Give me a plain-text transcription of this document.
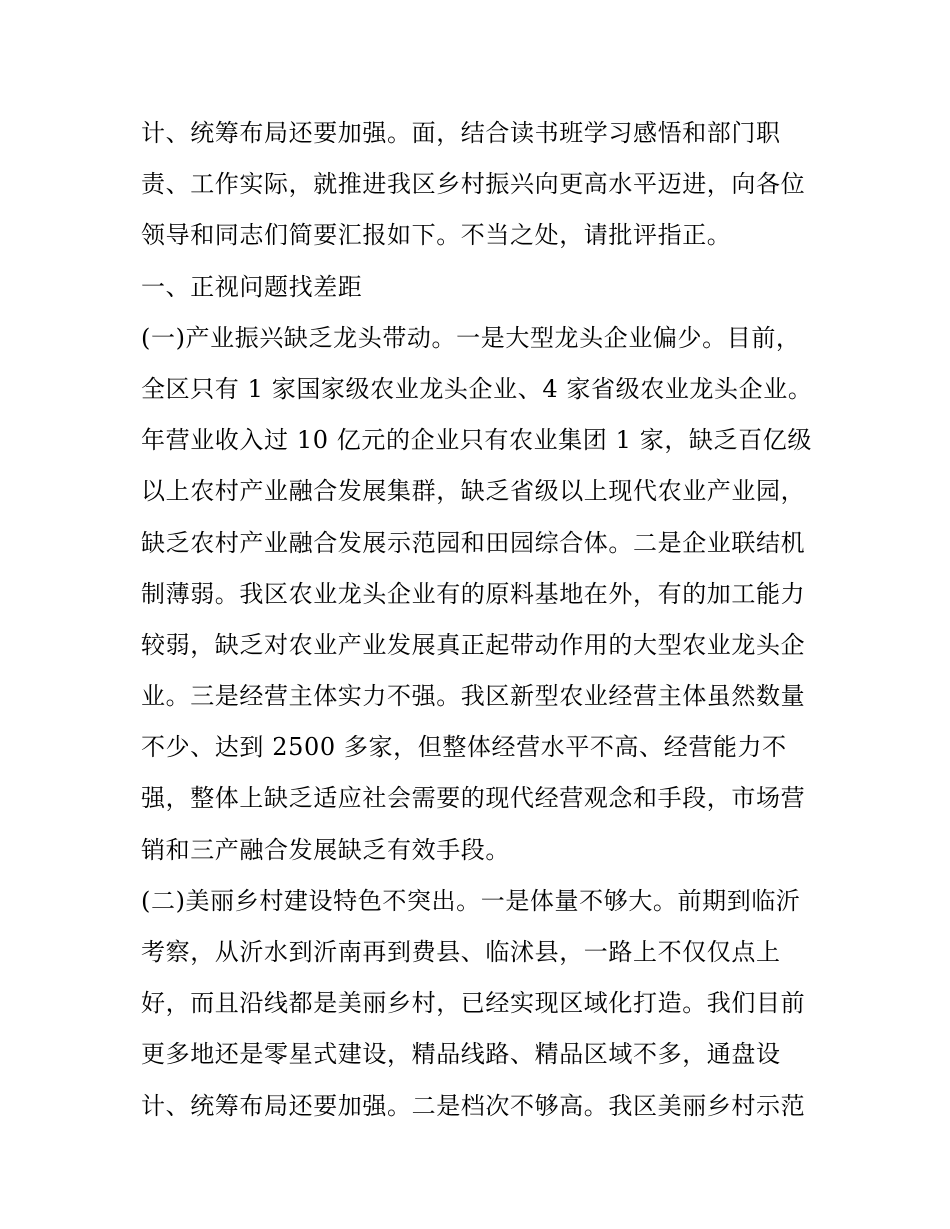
计、统筹布局还要加强。面，结合读书班学习感悟和部门职
责、工作实际，就推进我区乡村振兴向更高水平迈进，向各位
领导和同志们简要汇报如下。不当之处，请批评指正。
一、正视问题找差距
(一)产业振兴缺乏龙头带动。一是大型龙头企业偏少。目前，
全区只有 1 家国家级农业龙头企业、4 家省级农业龙头企业。
年营业收入过 10 亿元的企业只有农业集团 1 家，缺乏百亿级
以上农村产业融合发展集群，缺乏省级以上现代农业产业园，
缺乏农村产业融合发展示范园和田园综合体。二是企业联结机
制薄弱。我区农业龙头企业有的原料基地在外，有的加工能力
较弱，缺乏对农业产业发展真正起带动作用的大型农业龙头企
业。三是经营主体实力不强。我区新型农业经营主体虽然数量
不少、达到 2500 多家，但整体经营水平不高、经营能力不
强，整体上缺乏适应社会需要的现代经营观念和手段，市场营
销和三产融合发展缺乏有效手段。
(二)美丽乡村建设特色不突出。一是体量不够大。前期到临沂
考察，从沂水到沂南再到费县、临沭县，一路上不仅仅点上
好，而且沿线都是美丽乡村，已经实现区域化打造。我们目前
更多地还是零星式建设，精品线路、精品区域不多，通盘设
计、统筹布局还要加强。二是档次不够高。我区美丽乡村示范
